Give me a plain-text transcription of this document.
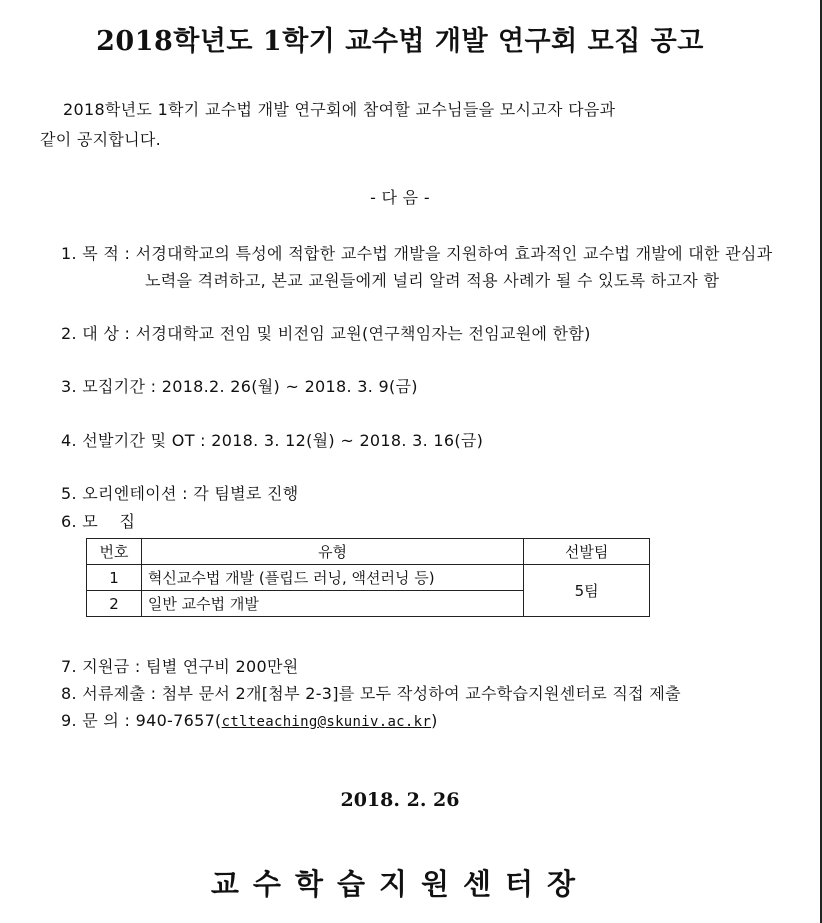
2018학년도 1학기 교수법 개발 연구회 모집 공고
2018학년도 1학기 교수법 개발 연구회에 참여할 교수님들을 모시고자 다음과
같이 공지합니다.
- 다 음 -
1. 목 적 : 서경대학교의 특성에 적합한 교수법 개발을 지원하여 효과적인 교수법 개발에 대한 관심과
노력을 격려하고, 본교 교원들에게 널리 알려 적용 사례가 될 수 있도록 하고자 함
2. 대 상 : 서경대학교 전임 및 비전임 교원(연구책임자는 전임교원에 한함)
3. 모집기간 : 2018.2. 26(월) ~ 2018. 3. 9(금)
4. 선발기간 및 OT : 2018. 3. 12(월) ~ 2018. 3. 16(금)
5. 오리엔테이션 : 각 팀별로 진행
6. 모    집
번호	유형	선발팀
1	혁신교수법 개발 (플립드 러닝, 액션러닝 등)	5팀
2	일반 교수법 개발	
7. 지원금 : 팀별 연구비 200만원
8. 서류제출 : 첨부 문서 2개[첨부 2-3]를 모두 작성하여 교수학습지원센터로 직접 제출
9. 문 의 : 940-7657(ctlteaching@skuniv.ac.kr)
2018. 2. 26
교수학습지원센터장
